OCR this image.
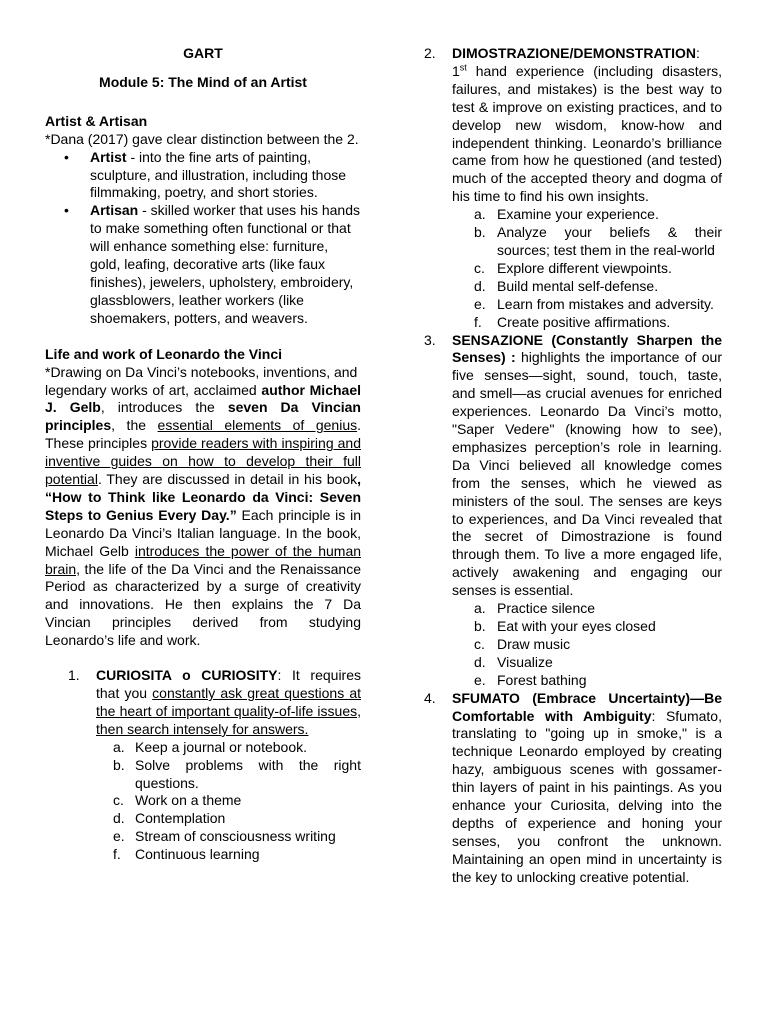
GART

Module 5: The Mind of an Artist

Artist & Artisan

*Dana (2017) gave clear distinction between the 2.

• Artist - into the fine arts of painting, sculpture, and illustration, including those filmmaking, poetry, and short stories.

• Artisan - skilled worker that uses his hands to make something often functional or that will enhance something else: furniture, gold, leafing, decorative arts (like faux finishes), jewelers, upholstery, embroidery, glassblowers, leather workers (like shoemakers, potters, and weavers.

Life and work of Leonardo the Vinci

*Drawing on Da Vinci’s notebooks, inventions, and

legendary works of art, acclaimed author Michael J. Gelb, introduces the seven Da Vincian principles, the essential elements of genius. These principles provide readers with inspiring and inventive guides on how to develop their full potential. They are discussed in detail in his book, “How to Think like Leonardo da Vinci: Seven Steps to Genius Every Day.” Each principle is in Leonardo Da Vinci’s Italian language. In the book, Michael Gelb introduces the power of the human brain, the life of the Da Vinci and the Renaissance Period as characterized by a surge of creativity and innovations. He then explains the 7 Da Vincian principles derived from studying Leonardo’s life and work.

1. CURIOSITA o CURIOSITY: It requires that you constantly ask great questions at the heart of important quality-of-life issues, then search intensely for answers.

a. Keep a journal or notebook.

b. Solve problems with the right questions.

c. Work on a theme

d. Contemplation

e. Stream of consciousness writing

f. Continuous learning

2. DIMOSTRAZIONE/DEMONSTRATION:
1st hand experience (including disasters, failures, and mistakes) is the best way to test & improve on existing practices, and to develop new wisdom, know-how and independent thinking. Leonardo’s brilliance came from how he questioned (and tested) much of the accepted theory and dogma of his time to find his own insights.

a. Examine your experience.

b. Analyze your beliefs & their sources; test them in the real-world

c. Explore different viewpoints.

d. Build mental self-defense.

e. Learn from mistakes and adversity.

f. Create positive affirmations.

3. SENSAZIONE (Constantly Sharpen the Senses) : highlights the importance of our five senses—sight, sound, touch, taste, and smell—as crucial avenues for enriched experiences. Leonardo Da Vinci’s motto, "Saper Vedere" (knowing how to see), emphasizes perception’s role in learning. Da Vinci believed all knowledge comes from the senses, which he viewed as ministers of the soul. The senses are keys to experiences, and Da Vinci revealed that the secret of Dimostrazione is found through them. To live a more engaged life, actively awakening and engaging our senses is essential.

a. Practice silence

b. Eat with your eyes closed

c. Draw music

d. Visualize

e. Forest bathing

4. SFUMATO (Embrace Uncertainty)—Be Comfortable with Ambiguity: Sfumato, translating to "going up in smoke," is a technique Leonardo employed by creating hazy, ambiguous scenes with gossamer-thin layers of paint in his paintings. As you enhance your Curiosita, delving into the depths of experience and honing your senses, you confront the unknown. Maintaining an open mind in uncertainty is the key to unlocking creative potential.
